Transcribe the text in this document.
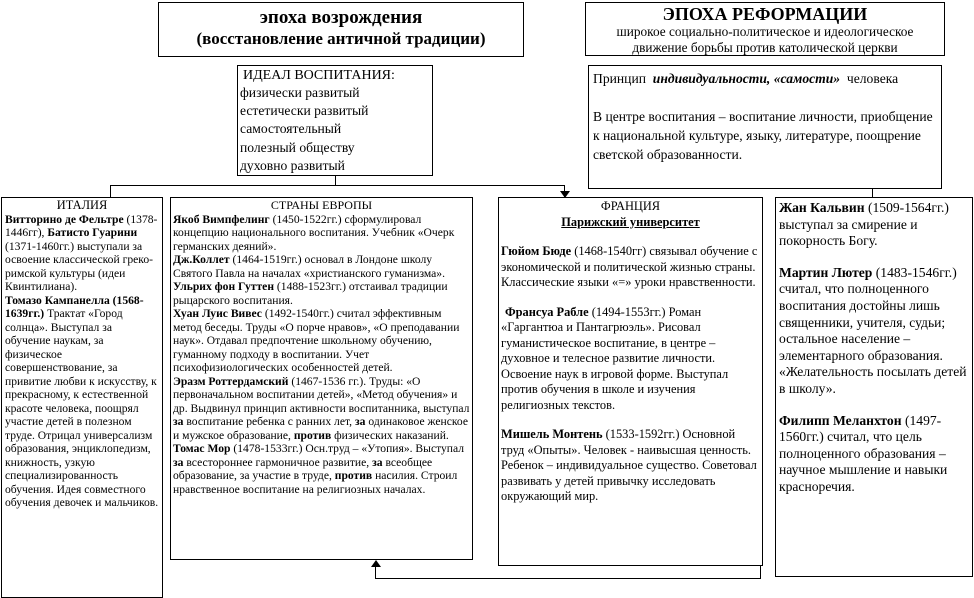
эпоха возрождения
(восстановление античной традиции)
ЭПОХА РЕФОРМАЦИИ
широкое социально-политическое и идеологическое
движение борьбы против католической церкви
ИДЕАЛ ВОСПИТАНИЯ:
физически развитый
естетически развитый
самостоятельный
полезный обществу
духовно развитый
Принцип индивидуальности, «самости» человека
В центре воспитания – воспитание личности, приобщение к национальной культуре, языку, литературе, поощрение светской образованности.
ИТАЛИЯ

Витторино де Фельтре (1378-1446гг), Батисто Гуарини (1371-1460гг.) выступали за освоение классической греко-римской культуры (идеи Квинтилиана).

Томазо Кампанелла (1568-1639гг.) Трактат «Город солнца». Выступал за обучение наукам, за физическое совершенствование, за привитие любви к искусству, к прекрасному, к естественной красоте человека, поощрял участие детей в полезном труде. Отрицал универсализм образования, энциклопедизм, книжность, узкую специализированность обучения. Идея совместного обучения девочек и мальчиков.

СТРАНЫ ЕВРОПЫ

Якоб Вимпфелинг (1450-1522гг.) сформулировал концепцию национального воспитания. Учебник «Очерк германских деяний».

Дж.Коллет (1464-1519гг.) основал в Лондоне школу Святого Павла на началах «христианского гуманизма».

Ульрих фон Гуттен (1488-1523гг.) отстаивал традиции рыцарского воспитания.

Хуан Луис Вивес (1492-1540гг.) считал эффективным метод беседы. Труды «О порче нравов», «О преподавании наук». Отдавал предпочтение школьному обучению, гуманному подходу в воспитании. Учет психофизиологических особенностей детей.

Эразм Роттердамский (1467-1536 гг.). Труды: «О первоначальном воспитании детей», «Метод обучения» и др. Выдвинул принцип активности воспитанника, выступал за воспитание ребенка с ранних лет, за одинаковое женское и мужское образование, против физических наказаний.

Томас Мор (1478-1533гг.) Осн.труд – «Утопия». Выступал за всестороннее гармоничное развитие, за всеобщее образование, за участие в труде, против насилия. Строил нравственное воспитание на религиозных началах.

ФРАНЦИЯ
Парижский университет

Гюйом Бюде (1468-1540гг) связывал обучение с экономической и политической жизнью страны. Классические языки «=» уроки нравственности.

Франсуа Рабле (1494-1553гг.) Роман «Гаргантюа и Пантагрюэль». Рисовал гуманистическое воспитание, в центре – духовное и телесное развитие личности. Освоение наук в игровой форме. Выступал против обучения в школе и изучения религиозных текстов.

Мишель Монтень (1533-1592гг.) Основной труд «Опыты». Человек - наивысшая ценность. Ребенок – индивидуальное существо. Советовал развивать у детей привычку исследовать окружающий мир.

Жан Кальвин (1509-1564гг.) выступал за смирение и покорность Богу.

Мартин Лютер (1483-1546гг.) считал, что полноценного воспитания достойны лишь священники, учителя, судьи; остальное население – элементарного образования. «Желательность посылать детей в школу».

Филипп Меланхтон (1497-1560гг.) считал, что цель полноценного образования – научное мышление и навыки красноречия.
